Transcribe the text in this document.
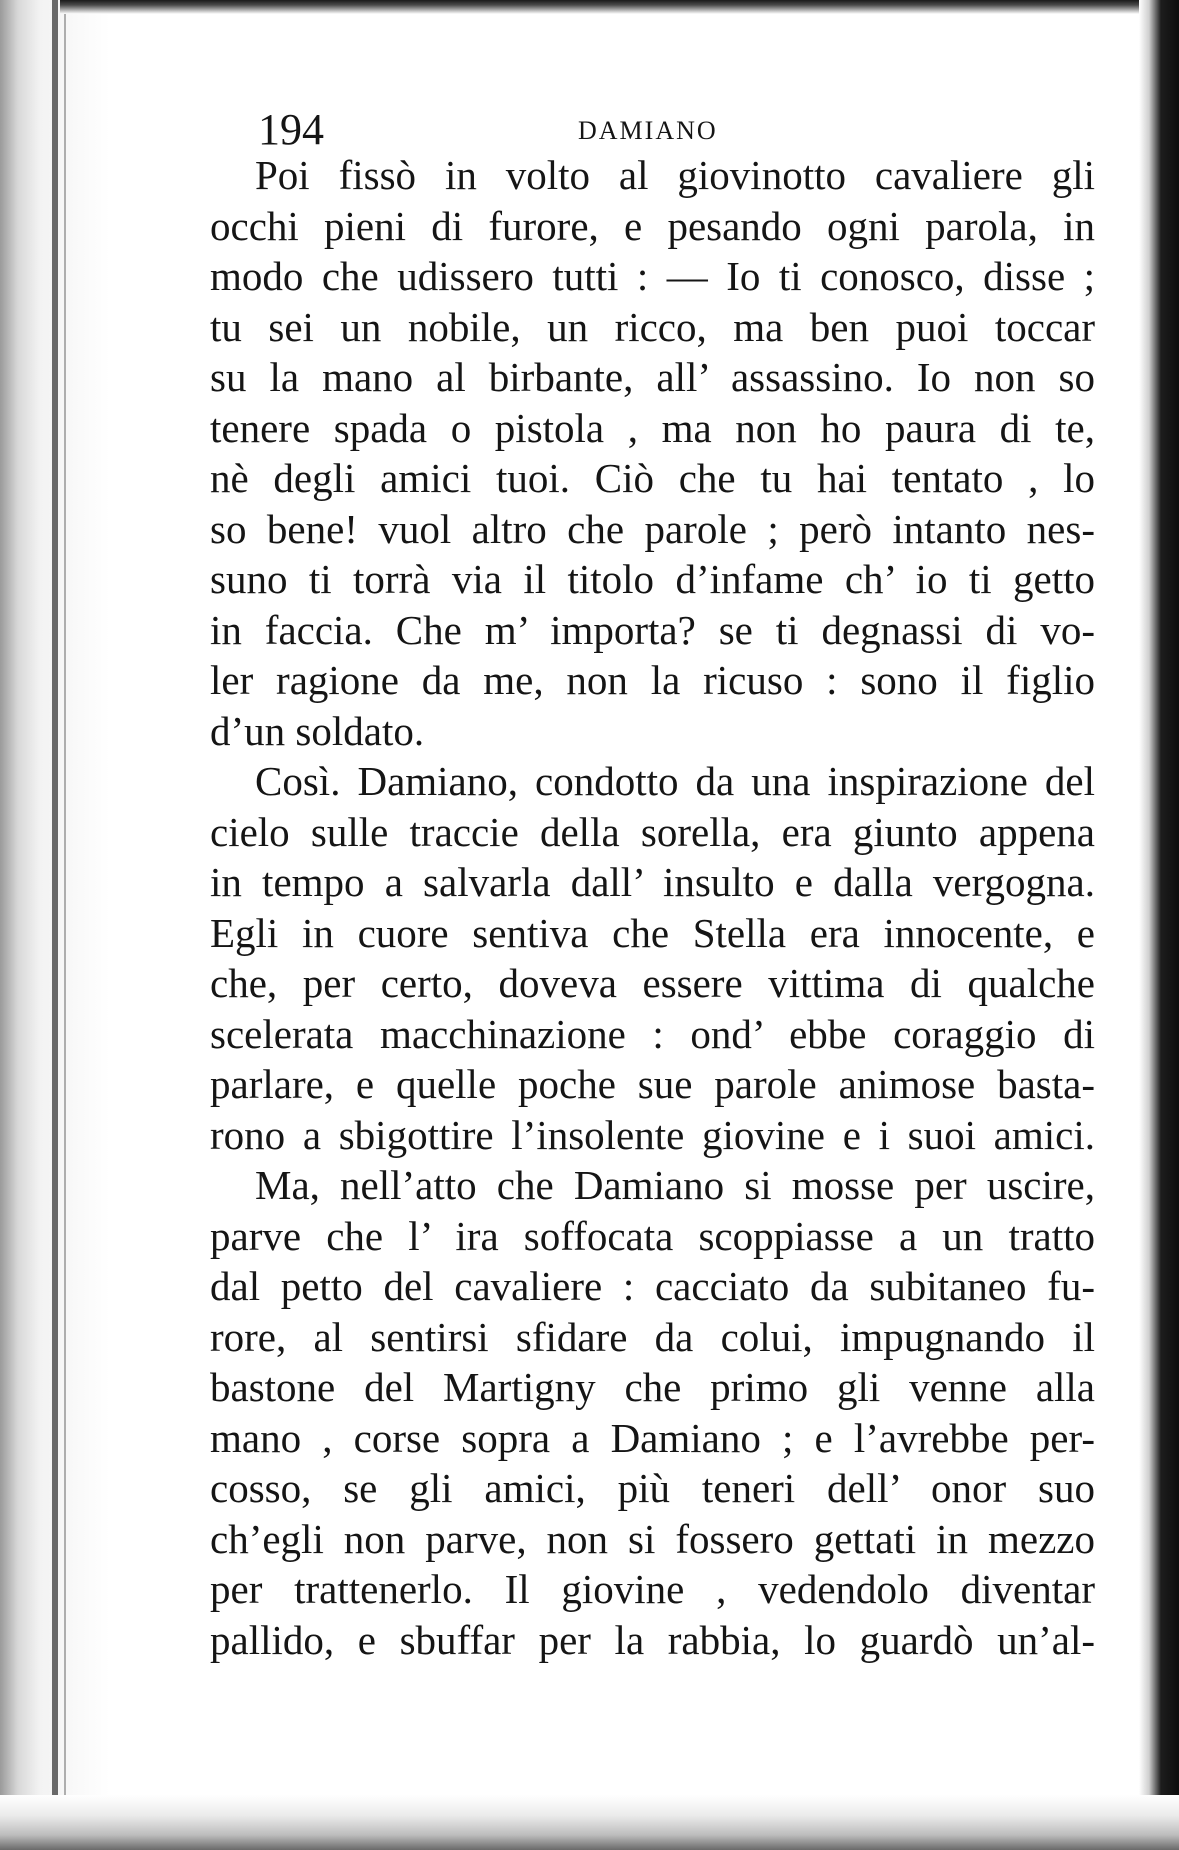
194	DAMIANO
Poi fissò in volto al giovinotto cavaliere gli
occhi pieni di furore, e pesando ogni parola, in
modo che udissero tutti : — Io ti conosco, disse ;
tu sei un nobile, un ricco, ma ben puoi toccar
su la mano al birbante, all’ assassino. Io non so
tenere spada o pistola , ma non ho paura di te,
nè degli amici tuoi. Ciò che tu hai tentato , lo
so bene! vuol altro che parole ; però intanto nes-
suno ti torrà via il titolo d’infame ch’ io ti getto
in faccia. Che m’ importa? se ti degnassi di vo-
ler ragione da me, non la ricuso : sono il figlio
d’un soldato.
Così. Damiano, condotto da una inspirazione del
cielo sulle traccie della sorella, era giunto appena
in tempo a salvarla dall’ insulto e dalla vergogna.
Egli in cuore sentiva che Stella era innocente, e
che, per certo, doveva essere vittima di qualche
scelerata macchinazione : ond’ ebbe coraggio di
parlare, e quelle poche sue parole animose basta-
rono a sbigottire l’insolente giovine e i suoi amici.
Ma, nell’atto che Damiano si mosse per uscire,
parve che l’ ira soffocata scoppiasse a un tratto
dal petto del cavaliere : cacciato da subitaneo fu-
rore, al sentirsi sfidare da colui, impugnando il
bastone del Martigny che primo gli venne alla
mano , corse sopra a Damiano ; e l’avrebbe per-
cosso, se gli amici, più teneri dell’ onor suo
ch’egli non parve, non si fossero gettati in mezzo
per trattenerlo. Il giovine , vedendolo diventar
pallido, e sbuffar per la rabbia, lo guardò un’al-
